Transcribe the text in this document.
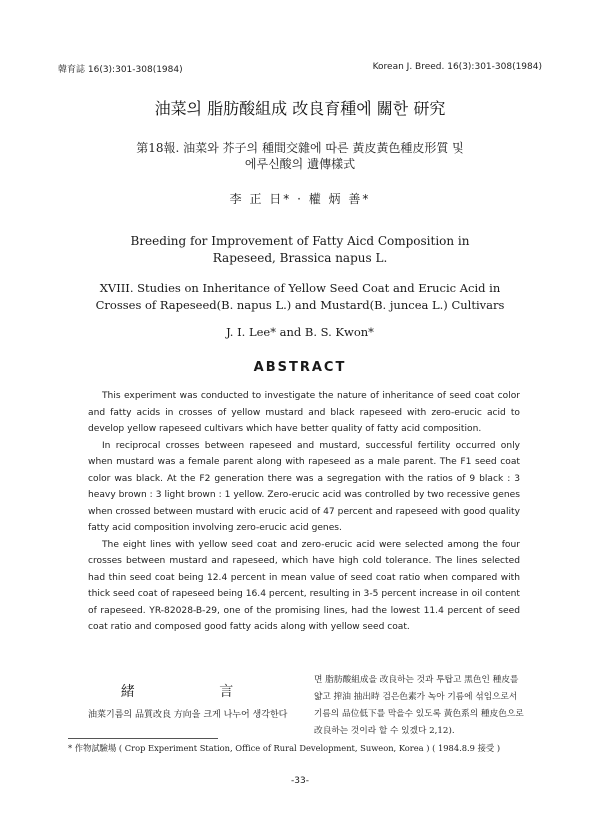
韓育誌 16(3):301-308(1984)	Korean J. Breed. 16(3):301-308(1984)
油菜의 脂肪酸組成 改良育種에 關한 研究
第18報. 油菜와 芥子의 種間交雜에 따른 黃皮黃色種皮形質 및
에루신酸의 遺傳樣式
李 正 日* · 權 炳 善*
Breeding for Improvement of Fatty Aicd Composition in
Rapeseed, Brassica napus L.
XVIII. Studies on Inheritance of Yellow Seed Coat and Erucic Acid in
Crosses of Rapeseed(B. napus L.) and Mustard(B. juncea L.) Cultivars
J. I. Lee* and B. S. Kwon*
ABSTRACT

This experiment was conducted to investigate the nature of inheritance of seed coat color and fatty acids in crosses of yellow mustard and black rapeseed with zero-erucic acid to develop yellow rapeseed cultivars which have better quality of fatty acid composition.

In reciprocal crosses between rapeseed and mustard, successful fertility occurred only when mustard was a female parent along with rapeseed as a male parent. The F1 seed coat color was black. At the F2 generation there was a segregation with the ratios of 9 black : 3 heavy brown : 3 light brown : 1 yellow. Zero-erucic acid was controlled by two recessive genes when crossed between mustard with erucic acid of 47 percent and rapeseed with good quality fatty acid composition involving zero-erucic acid genes.

The eight lines with yellow seed coat and zero-erucic acid were selected among the four crosses between mustard and rapeseed, which have high cold tolerance. The lines selected had thin seed coat being 12.4 percent in mean value of seed coat ratio when compared with thick seed coat of rapeseed being 16.4 percent, resulting in 3-5 percent increase in oil content of rapeseed. YR-82028-B-29, one of the promising lines, had the lowest 11.4 percent of seed coat ratio and composed good fatty acids along with yellow seed coat.

緒 言
油菜기름의 品質改良 方向을 크게 나누어 생각한다
면 脂肪酸組成을 改良하는 것과 투탑고 黑色인 種皮를 얇고 搾油 抽出時 검은色素가 녹아 기름에 섞임으로서 기름의 品位低下를 막을수 있도록 黃色系의 種皮色으로 改良하는 것이라 할 수 있겠다 2,12).
* 作物試驗場 ( Crop Experiment Station, Office of Rural Development, Suweon, Korea ) ( 1984.8.9 接受 )
-33-
